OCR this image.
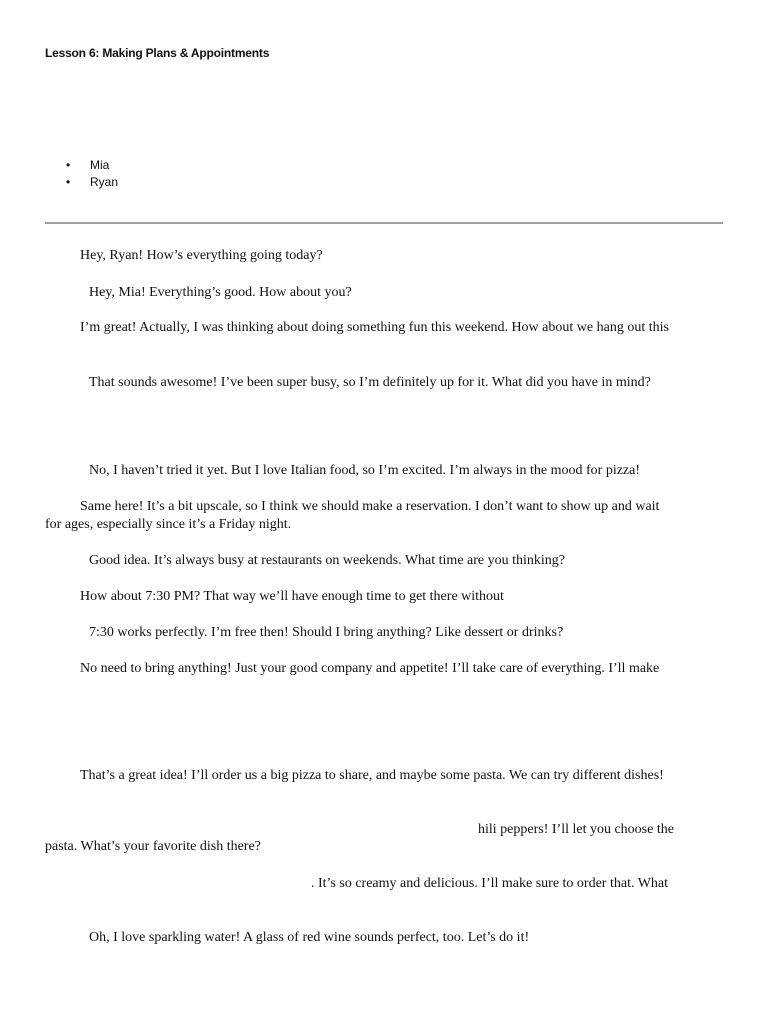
Lesson 6: Making Plans & Appointments
• Mia
• Ryan
Hey, Ryan! How’s everything going today?
Hey, Mia! Everything’s good. How about you?
I’m great! Actually, I was thinking about doing something fun this weekend. How about we hang out this
That sounds awesome! I’ve been super busy, so I’m definitely up for it. What did you have in mind?
No, I haven’t tried it yet. But I love Italian food, so I’m excited. I’m always in the mood for pizza!
Same here! It’s a bit upscale, so I think we should make a reservation. I don’t want to show up and wait
for ages, especially since it’s a Friday night.
Good idea. It’s always busy at restaurants on weekends. What time are you thinking?
How about 7:30 PM? That way we’ll have enough time to get there without
7:30 works perfectly. I’m free then! Should I bring anything? Like dessert or drinks?
No need to bring anything! Just your good company and appetite! I’ll take care of everything. I’ll make
That’s a great idea! I’ll order us a big pizza to share, and maybe some pasta. We can try different dishes!
hili peppers! I’ll let you choose the
pasta. What’s your favorite dish there?
. It’s so creamy and delicious. I’ll make sure to order that. What
Oh, I love sparkling water! A glass of red wine sounds perfect, too. Let’s do it!
